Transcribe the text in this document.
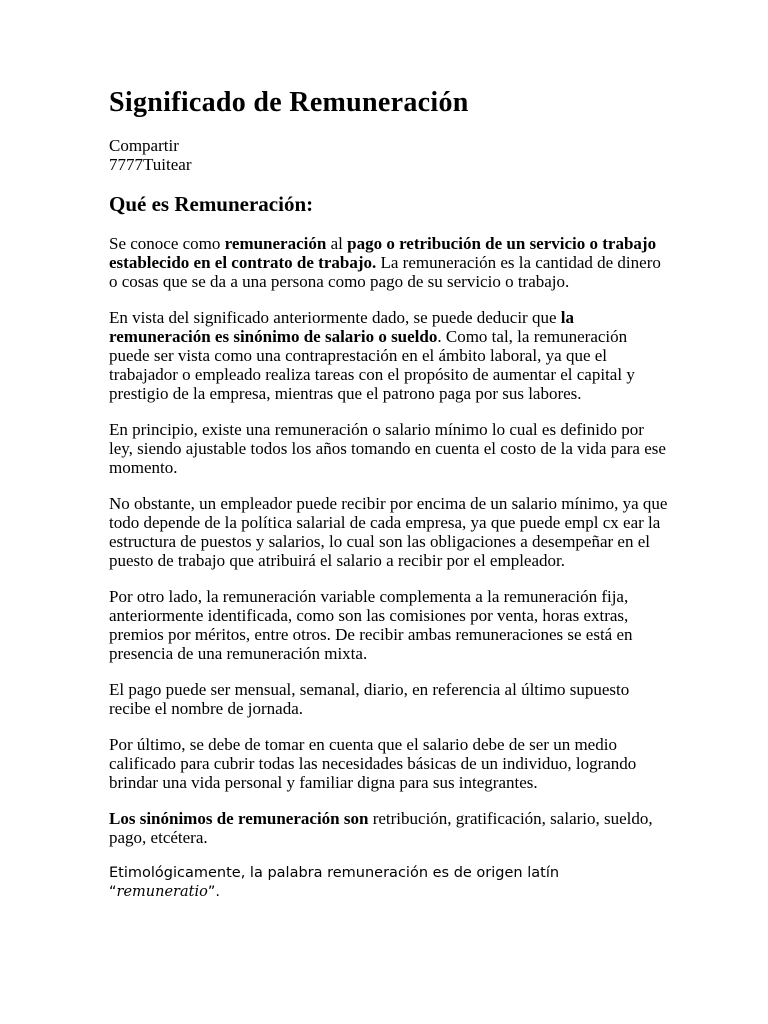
Significado de Remuneración
Compartir
7777Tuitear
Qué es Remuneración:

Se conoce como remuneración al pago o retribución de un servicio o trabajo establecido en el contrato de trabajo. La remuneración es la cantidad de dinero o cosas que se da a una persona como pago de su servicio o trabajo.

En vista del significado anteriormente dado, se puede deducir que la remuneración es sinónimo de salario o sueldo. Como tal, la remuneración puede ser vista como una contraprestación en el ámbito laboral, ya que el trabajador o empleado realiza tareas con el propósito de aumentar el capital y prestigio de la empresa, mientras que el patrono paga por sus labores.

En principio, existe una remuneración o salario mínimo lo cual es definido por ley, siendo ajustable todos los años tomando en cuenta el costo de la vida para ese momento.

No obstante, un empleador puede recibir por encima de un salario mínimo, ya que todo depende de la política salarial de cada empresa, ya que puede empl cx ear la estructura de puestos y salarios, lo cual son las obligaciones a desempeñar en el puesto de trabajo que atribuirá el salario a recibir por el empleador.

Por otro lado, la remuneración variable complementa a la remuneración fija, anteriormente identificada, como son las comisiones por venta, horas extras, premios por méritos, entre otros. De recibir ambas remuneraciones se está en presencia de una remuneración mixta.

El pago puede ser mensual, semanal, diario, en referencia al último supuesto recibe el nombre de jornada.

Por último, se debe de tomar en cuenta que el salario debe de ser un medio calificado para cubrir todas las necesidades básicas de un individuo, logrando brindar una vida personal y familiar digna para sus integrantes.

Los sinónimos de remuneración son retribución, gratificación, salario, sueldo, pago, etcétera.

Etimológicamente, la palabra remuneración es de origen latín “remuneratio”.
